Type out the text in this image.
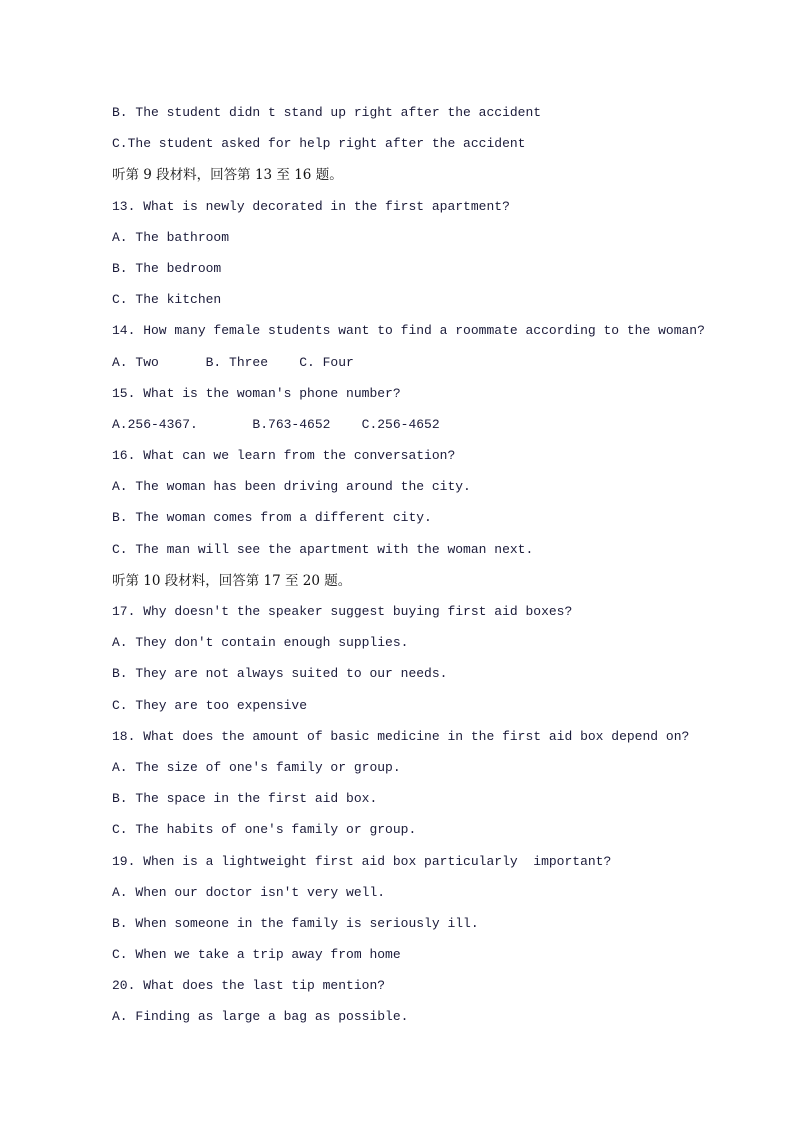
B. The student didn t stand up right after the accident
C.The student asked for help right after the accident
听第 9 段材料，回答第 13 至 16 题。
13. What is newly decorated in the first apartment?
A. The bathroom
B. The bedroom
C. The kitchen
14. How many female students want to find a roommate according to the woman?
A. Two      B. Three    C. Four
15. What is the woman's phone number?
A.256-4367.       B.763-4652    C.256-4652
16. What can we learn from the conversation?
A. The woman has been driving around the city.
B. The woman comes from a different city.
C. The man will see the apartment with the woman next.
听第 10 段材料，回答第 17 至 20 题。
17. Why doesn't the speaker suggest buying first aid boxes?
A. They don't contain enough supplies.
B. They are not always suited to our needs.
C. They are too expensive
18. What does the amount of basic medicine in the first aid box depend on?
A. The size of one's family or group.
B. The space in the first aid box.
C. The habits of one's family or group.
19. When is a lightweight first aid box particularly  important?
A. When our doctor isn't very well.
B. When someone in the family is seriously ill.
C. When we take a trip away from home
20. What does the last tip mention?
A. Finding as large a bag as possible.
